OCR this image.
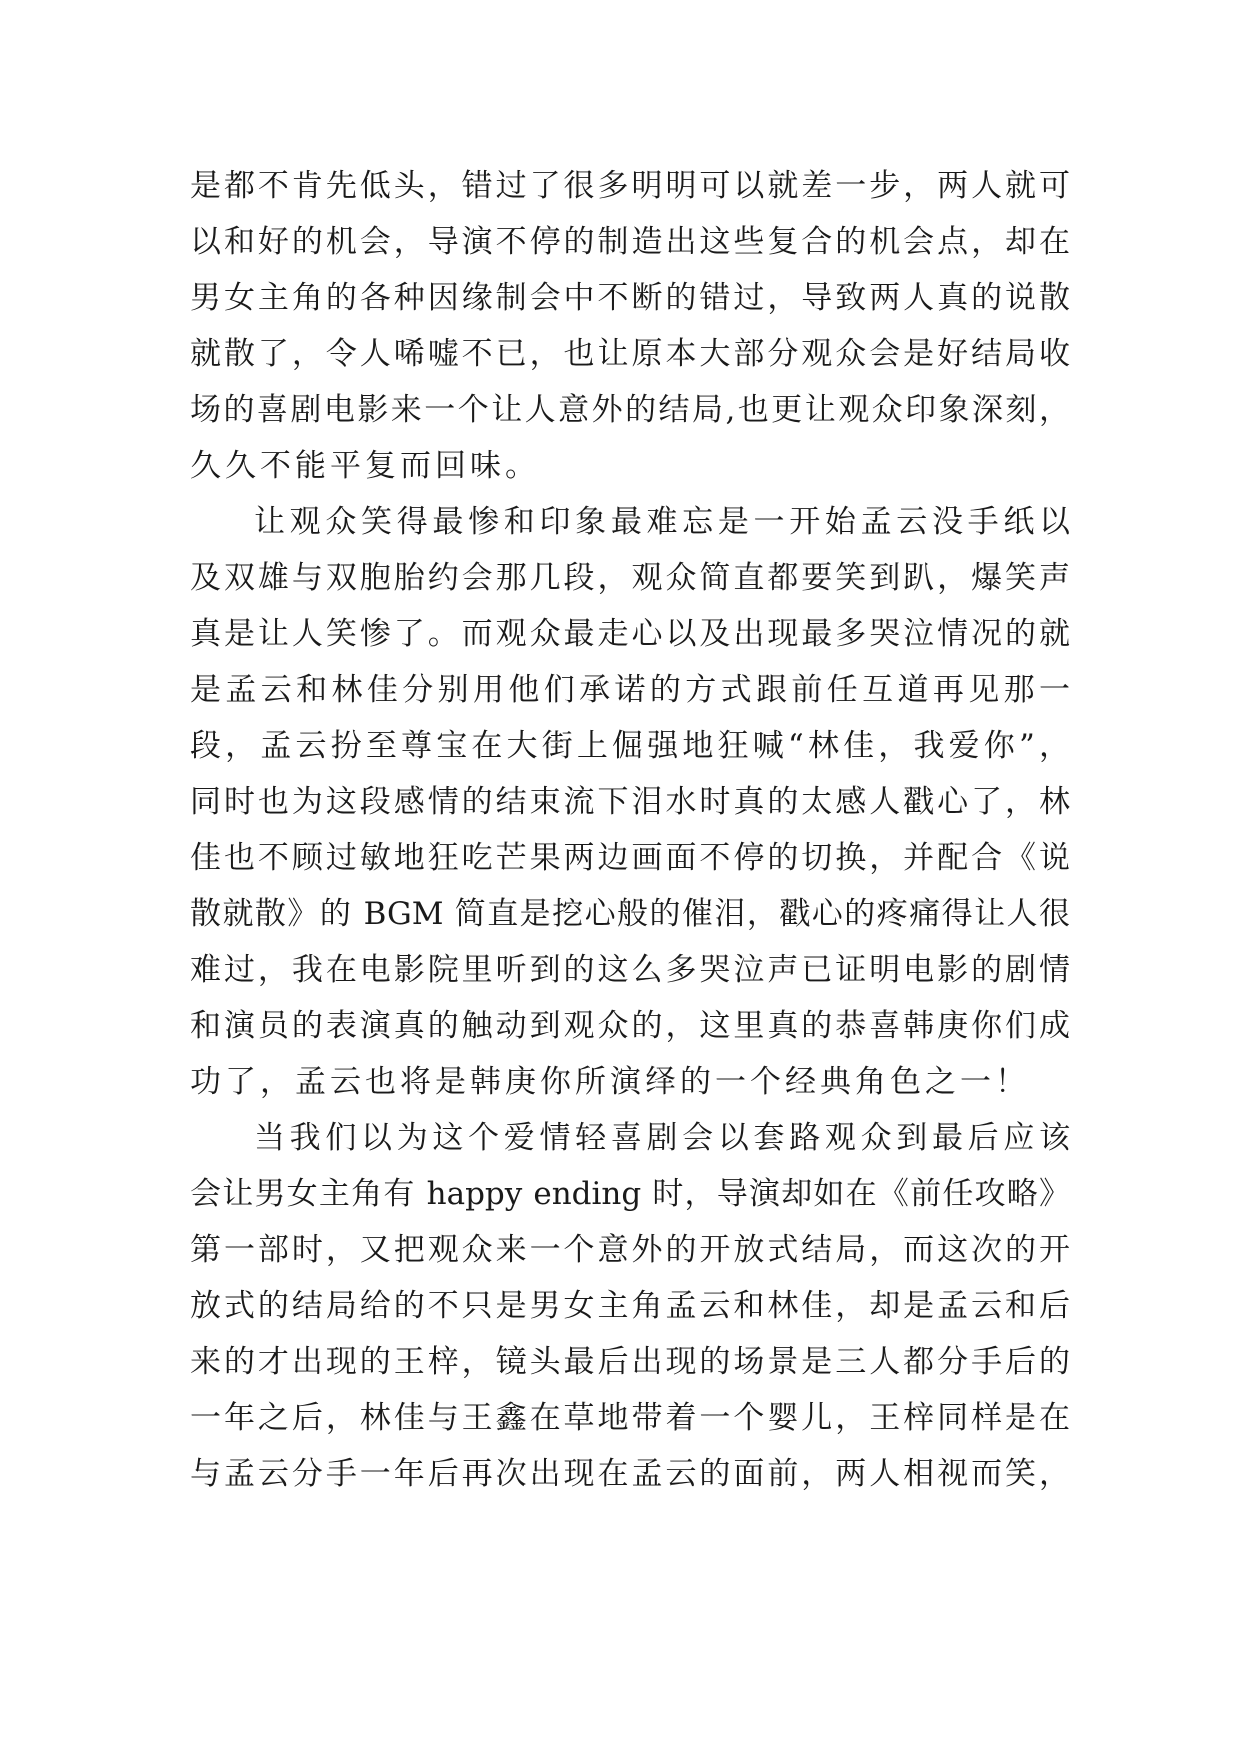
是都不肯先低头，错过了很多明明可以就差一步，两人就可
以和好的机会，导演不停的制造出这些复合的机会点，却在
男女主角的各种因缘制会中不断的错过，导致两人真的说散
就散了，令人唏嘘不已，也让原本大部分观众会是好结局收
场的喜剧电影来一个让人意外的结局,也更让观众印象深刻，
久久不能平复而回味。
让观众笑得最惨和印象最难忘是一开始孟云没手纸以
及双雄与双胞胎约会那几段，观众简直都要笑到趴，爆笑声
真是让人笑惨了。而观众最走心以及出现最多哭泣情况的就
是孟云和林佳分别用他们承诺的方式跟前任互道再见那一
段，孟云扮至尊宝在大街上倔强地狂喊“林佳，我爱你”，
同时也为这段感情的结束流下泪水时真的太感人戳心了，林
佳也不顾过敏地狂吃芒果两边画面不停的切换，并配合《说
散就散》的 BGM 简直是挖心般的催泪，戳心的疼痛得让人很
难过，我在电影院里听到的这么多哭泣声已证明电影的剧情
和演员的表演真的触动到观众的，这里真的恭喜韩庚你们成
功了，孟云也将是韩庚你所演绎的一个经典角色之一！
当我们以为这个爱情轻喜剧会以套路观众到最后应该
会让男女主角有 happy ending 时，导演却如在《前任攻略》
第一部时，又把观众来一个意外的开放式结局，而这次的开
放式的结局给的不只是男女主角孟云和林佳，却是孟云和后
来的才出现的王梓，镜头最后出现的场景是三人都分手后的
一年之后，林佳与王鑫在草地带着一个婴儿，王梓同样是在
与孟云分手一年后再次出现在孟云的面前，两人相视而笑，
